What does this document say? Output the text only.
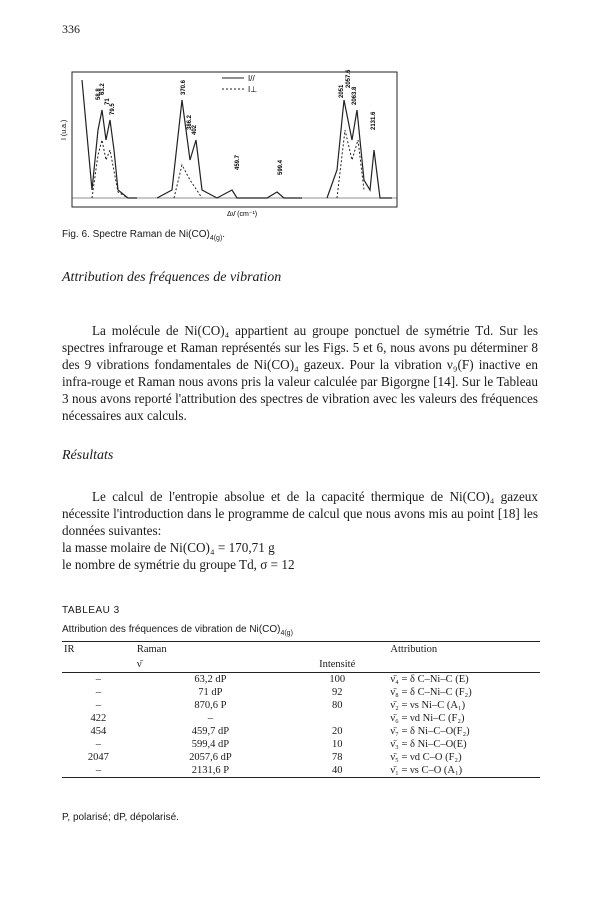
336
I (u.a.)
I//
I⊥
58.8
63.2
71
79.5
370.6
386.2 402
459.7	599.4
2051
2057.6
2063.8
2131.6
Δν̄ (cm⁻¹)
Fig. 6. Spectre Raman de $Ni(CO)_{4(g)}$.
Attribution des fréquences de vibration

La molécule de Ni(CO)₄ appartient au groupe ponctuel de symétrie Td. Sur les spectres infrarouge et Raman représentés sur les Figs. 5 et 6, nous avons pu déterminer 8 des 9 vibrations fondamentales de Ni(CO)₄ gazeux. Pour la vibration ν₉(F) inactive en infra-rouge et Raman nous avons pris la valeur calculée par Bigorgne [14]. Sur le Tableau 3 nous avons reporté l'attribution des spectres de vibration avec les valeurs des fréquences nécessaires aux calculs.

Résultats

Le calcul de l'entropie absolue et de la capacité thermique de Ni(CO)₄ gazeux nécessite l'introduction dans le programme de calcul que nous avons mis au point [18] les données suivantes:

la masse molaire de Ni(CO)₄ = 170,71 g
le nombre de symétrie du groupe Td, σ = 12
TABLEAU 3
Attribution des fréquences de vibration de $Ni(CO)_{4(g)}$
IR	Raman		Attribution
	ν̄	Intensité	
–	63,2 dP	100	ν̄₄ = δ C–Ni–C (E)
–	71 dP	92	ν̄₈ = δ C–Ni–C (F₂)
–	870,6 P	80	ν̄₂ = νs Ni–C (A₁)
422	–		ν̄₆ = νd Ni–C (F₂)
454	459,7 dP	20	ν̄₇ = δ Ni–C–O(F₂)
–	599,4 dP	10	ν̄₃ = δ Ni–C–O(E)
2047	2057,6 dP	78	ν̄₅ = νd C–O (F₂)
–	2131,6 P	40	ν̄₁ = νs C–O (A₁)
P, polarisé; dP, dépolarisé.
